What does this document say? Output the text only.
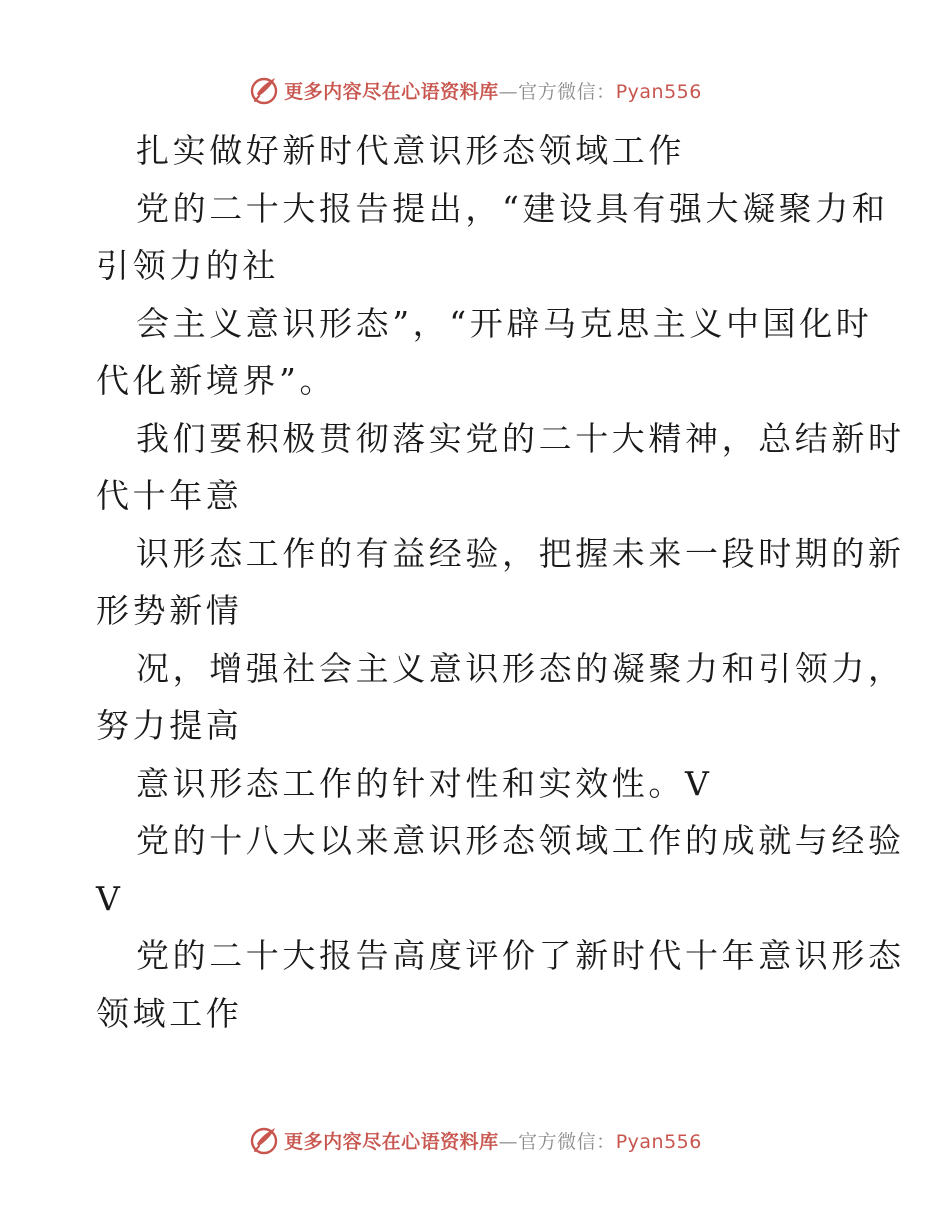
更多内容尽在心语资料库—官方微信：Pyan556
扎实做好新时代意识形态领域工作
党的二十大报告提出，“建设具有强大凝聚力和
引领力的社
会主义意识形态”，“开辟马克思主义中国化时
代化新境界”。
我们要积极贯彻落实党的二十大精神，总结新时
代十年意
识形态工作的有益经验，把握未来一段时期的新
形势新情
况，增强社会主义意识形态的凝聚力和引领力，
努力提高
意识形态工作的针对性和实效性。V
党的十八大以来意识形态领域工作的成就与经验
V
党的二十大报告高度评价了新时代十年意识形态
领域工作
更多内容尽在心语资料库—官方微信：Pyan556
